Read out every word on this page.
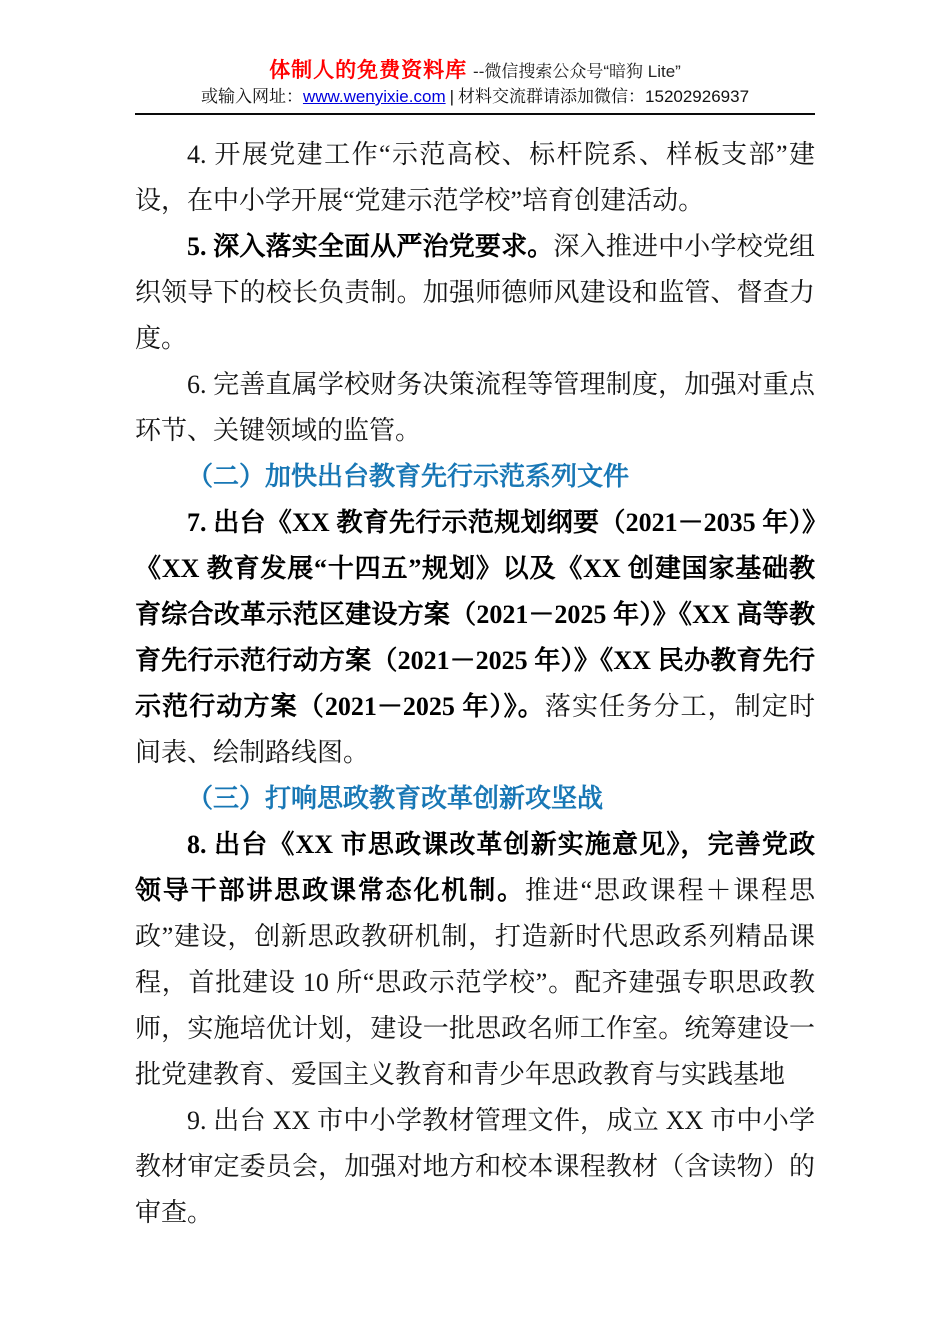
体制人的免费资料库 --微信搜索公众号“暗狗 Lite”
或输入网址：www.wenyixie.com | 材料交流群请添加微信：15202926937

4. 开展党建工作“示范高校、标杆院系、样板支部”建设，在中小学开展“党建示范学校”培育创建活动。

5. 深入落实全面从严治党要求。深入推进中小学校党组织领导下的校长负责制。加强师德师风建设和监管、督查力度。

6. 完善直属学校财务决策流程等管理制度，加强对重点环节、关键领域的监管。

（二）加快出台教育先行示范系列文件

7. 出台《XX 教育先行示范规划纲要（2021－2035 年）》《XX 教育发展“十四五”规划》以及《XX 创建国家基础教育综合改革示范区建设方案（2021－2025 年）》《XX 高等教育先行示范行动方案（2021－2025 年）》《XX 民办教育先行示范行动方案（2021－2025 年）》。落实任务分工，制定时间表、绘制路线图。

（三）打响思政教育改革创新攻坚战

8. 出台《XX 市思政课改革创新实施意见》，完善党政领导干部讲思政课常态化机制。推进“思政课程＋课程思政”建设，创新思政教研机制，打造新时代思政系列精品课程，首批建设 10 所“思政示范学校”。配齐建强专职思政教师，实施培优计划，建设一批思政名师工作室。统筹建设一批党建教育、爱国主义教育和青少年思政教育与实践基地

9. 出台 XX 市中小学教材管理文件，成立 XX 市中小学教材审定委员会，加强对地方和校本课程教材（含读物）的审查。
